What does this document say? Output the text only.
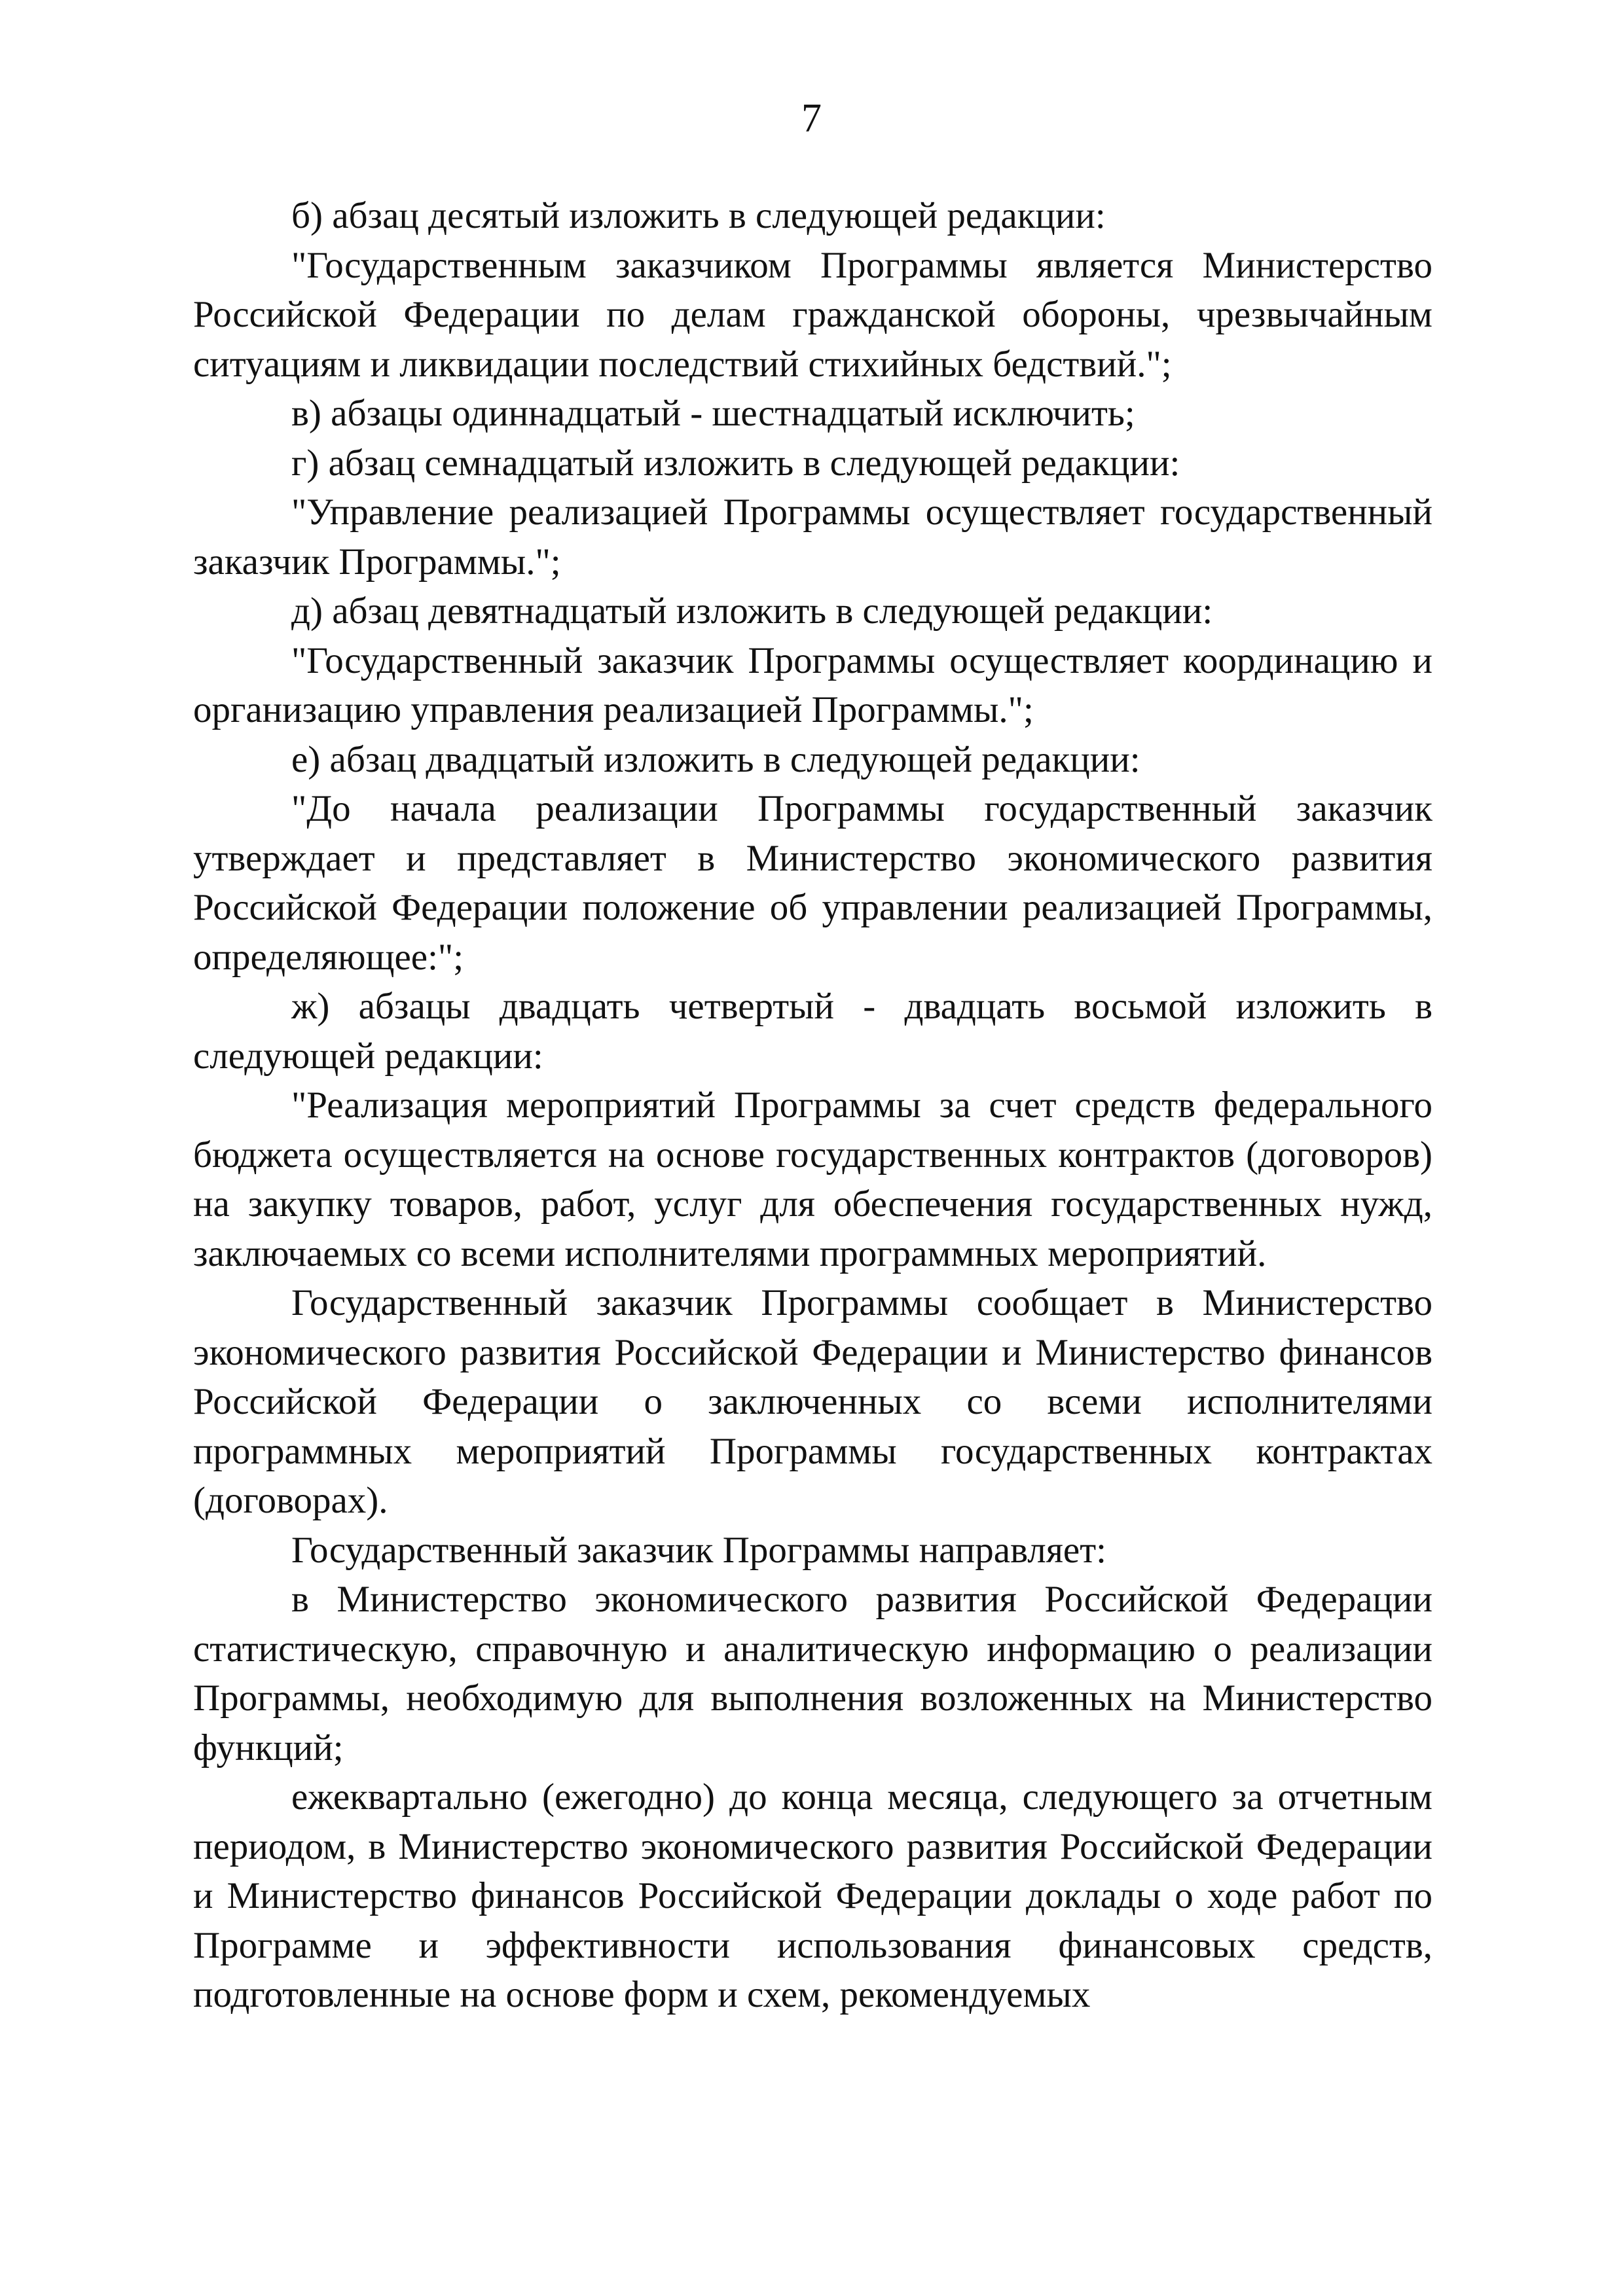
7

б) абзац десятый изложить в следующей редакции:

"Государственным заказчиком Программы является Министерство Российской Федерации по делам гражданской обороны, чрезвычайным ситуациям и ликвидации последствий стихийных бедствий.";

в) абзацы одиннадцатый - шестнадцатый исключить;

г) абзац семнадцатый изложить в следующей редакции:

"Управление реализацией Программы осуществляет государственный заказчик Программы.";

д) абзац девятнадцатый изложить в следующей редакции:

"Государственный заказчик Программы осуществляет координацию и организацию управления реализацией Программы.";

е) абзац двадцатый изложить в следующей редакции:

"До начала реализации Программы государственный заказчик утверждает и представляет в Министерство экономического развития Российской Федерации положение об управлении реализацией Программы, определяющее:";

ж) абзацы двадцать четвертый - двадцать восьмой изложить в следующей редакции:

"Реализация мероприятий Программы за счет средств федерального бюджета осуществляется на основе государственных контрактов (договоров) на закупку товаров, работ, услуг для обеспечения государственных нужд, заключаемых со всеми исполнителями программных мероприятий.

Государственный заказчик Программы сообщает в Министерство экономического развития Российской Федерации и Министерство финансов Российской Федерации о заключенных со всеми исполнителями программных мероприятий Программы государственных контрактах (договорах).

Государственный заказчик Программы направляет:

в Министерство экономического развития Российской Федерации статистическую, справочную и аналитическую информацию о реализации Программы, необходимую для выполнения возложенных на Министерство функций;

ежеквартально (ежегодно) до конца месяца, следующего за отчетным периодом, в Министерство экономического развития Российской Федерации и Министерство финансов Российской Федерации доклады о ходе работ по Программе и эффективности использования финансовых средств, подготовленные на основе форм и схем, рекомендуемых
